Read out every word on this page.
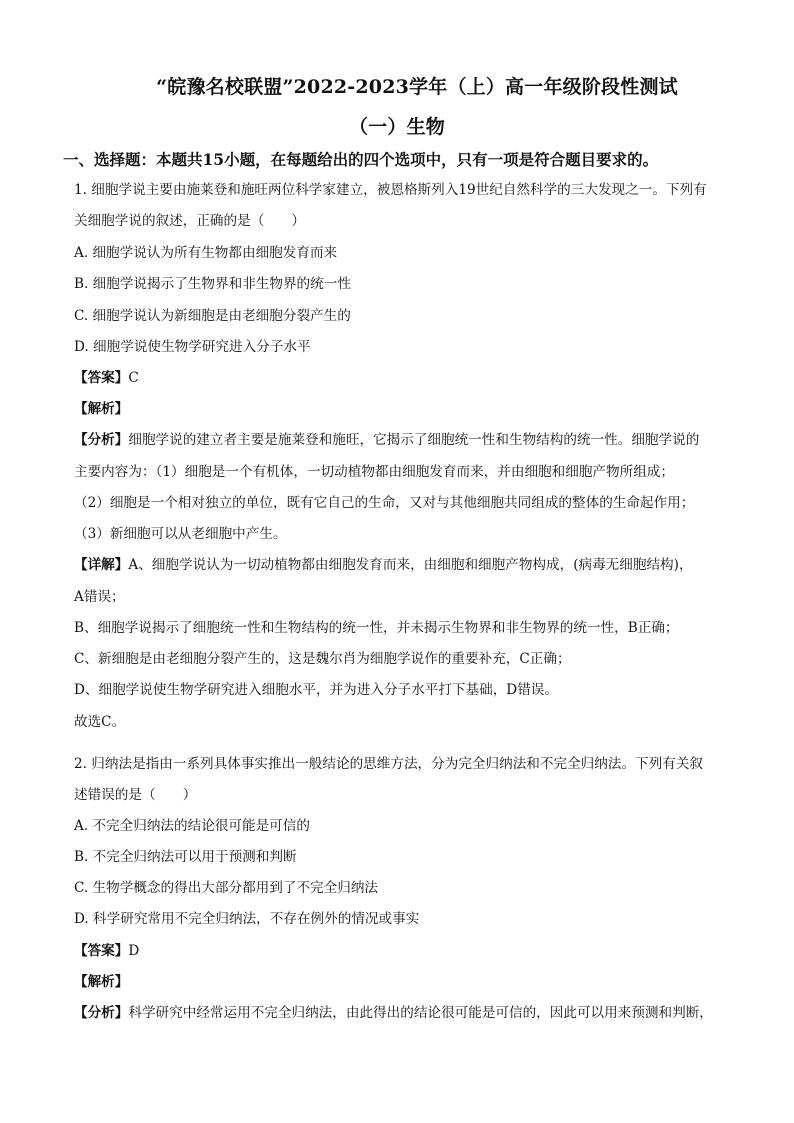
“皖豫名校联盟”2022-2023学年（上）高一年级阶段性测试
（一）生物
一、选择题：本题共15小题，在每题给出的四个选项中，只有一项是符合题目要求的。
1. 细胞学说主要由施莱登和施旺两位科学家建立，被恩格斯列入19世纪自然科学的三大发现之一。下列有
关细胞学说的叙述，正确的是（　　）
A. 细胞学说认为所有生物都由细胞发育而来
B. 细胞学说揭示了生物界和非生物界的统一性
C. 细胞学说认为新细胞是由老细胞分裂产生的
D. 细胞学说使生物学研究进入分子水平
【答案】C
【解析】
【分析】细胞学说的建立者主要是施莱登和施旺，它揭示了细胞统一性和生物结构的统一性。细胞学说的
主要内容为：（1）细胞是一个有机体，一切动植物都由细胞发育而来，并由细胞和细胞产物所组成；
（2）细胞是一个相对独立的单位，既有它自己的生命，又对与其他细胞共同组成的整体的生命起作用；
（3）新细胞可以从老细胞中产生。
【详解】A、细胞学说认为一切动植物都由细胞发育而来，由细胞和细胞产物构成，(病毒无细胞结构)，
A错误；
B、细胞学说揭示了细胞统一性和生物结构的统一性，并未揭示生物界和非生物界的统一性，B正确；
C、新细胞是由老细胞分裂产生的，这是魏尔肖为细胞学说作的重要补充，C正确；
D、细胞学说使生物学研究进入细胞水平，并为进入分子水平打下基础，D错误。
故选C。
2. 归纳法是指由一系列具体事实推出一般结论的思维方法，分为完全归纳法和不完全归纳法。下列有关叙
述错误的是（　　）
A. 不完全归纳法的结论很可能是可信的
B. 不完全归纳法可以用于预测和判断
C. 生物学概念的得出大部分都用到了不完全归纳法
D. 科学研究常用不完全归纳法，不存在例外的情况或事实
【答案】D
【解析】
【分析】科学研究中经常运用不完全归纳法，由此得出的结论很可能是可信的，因此可以用来预测和判断，
